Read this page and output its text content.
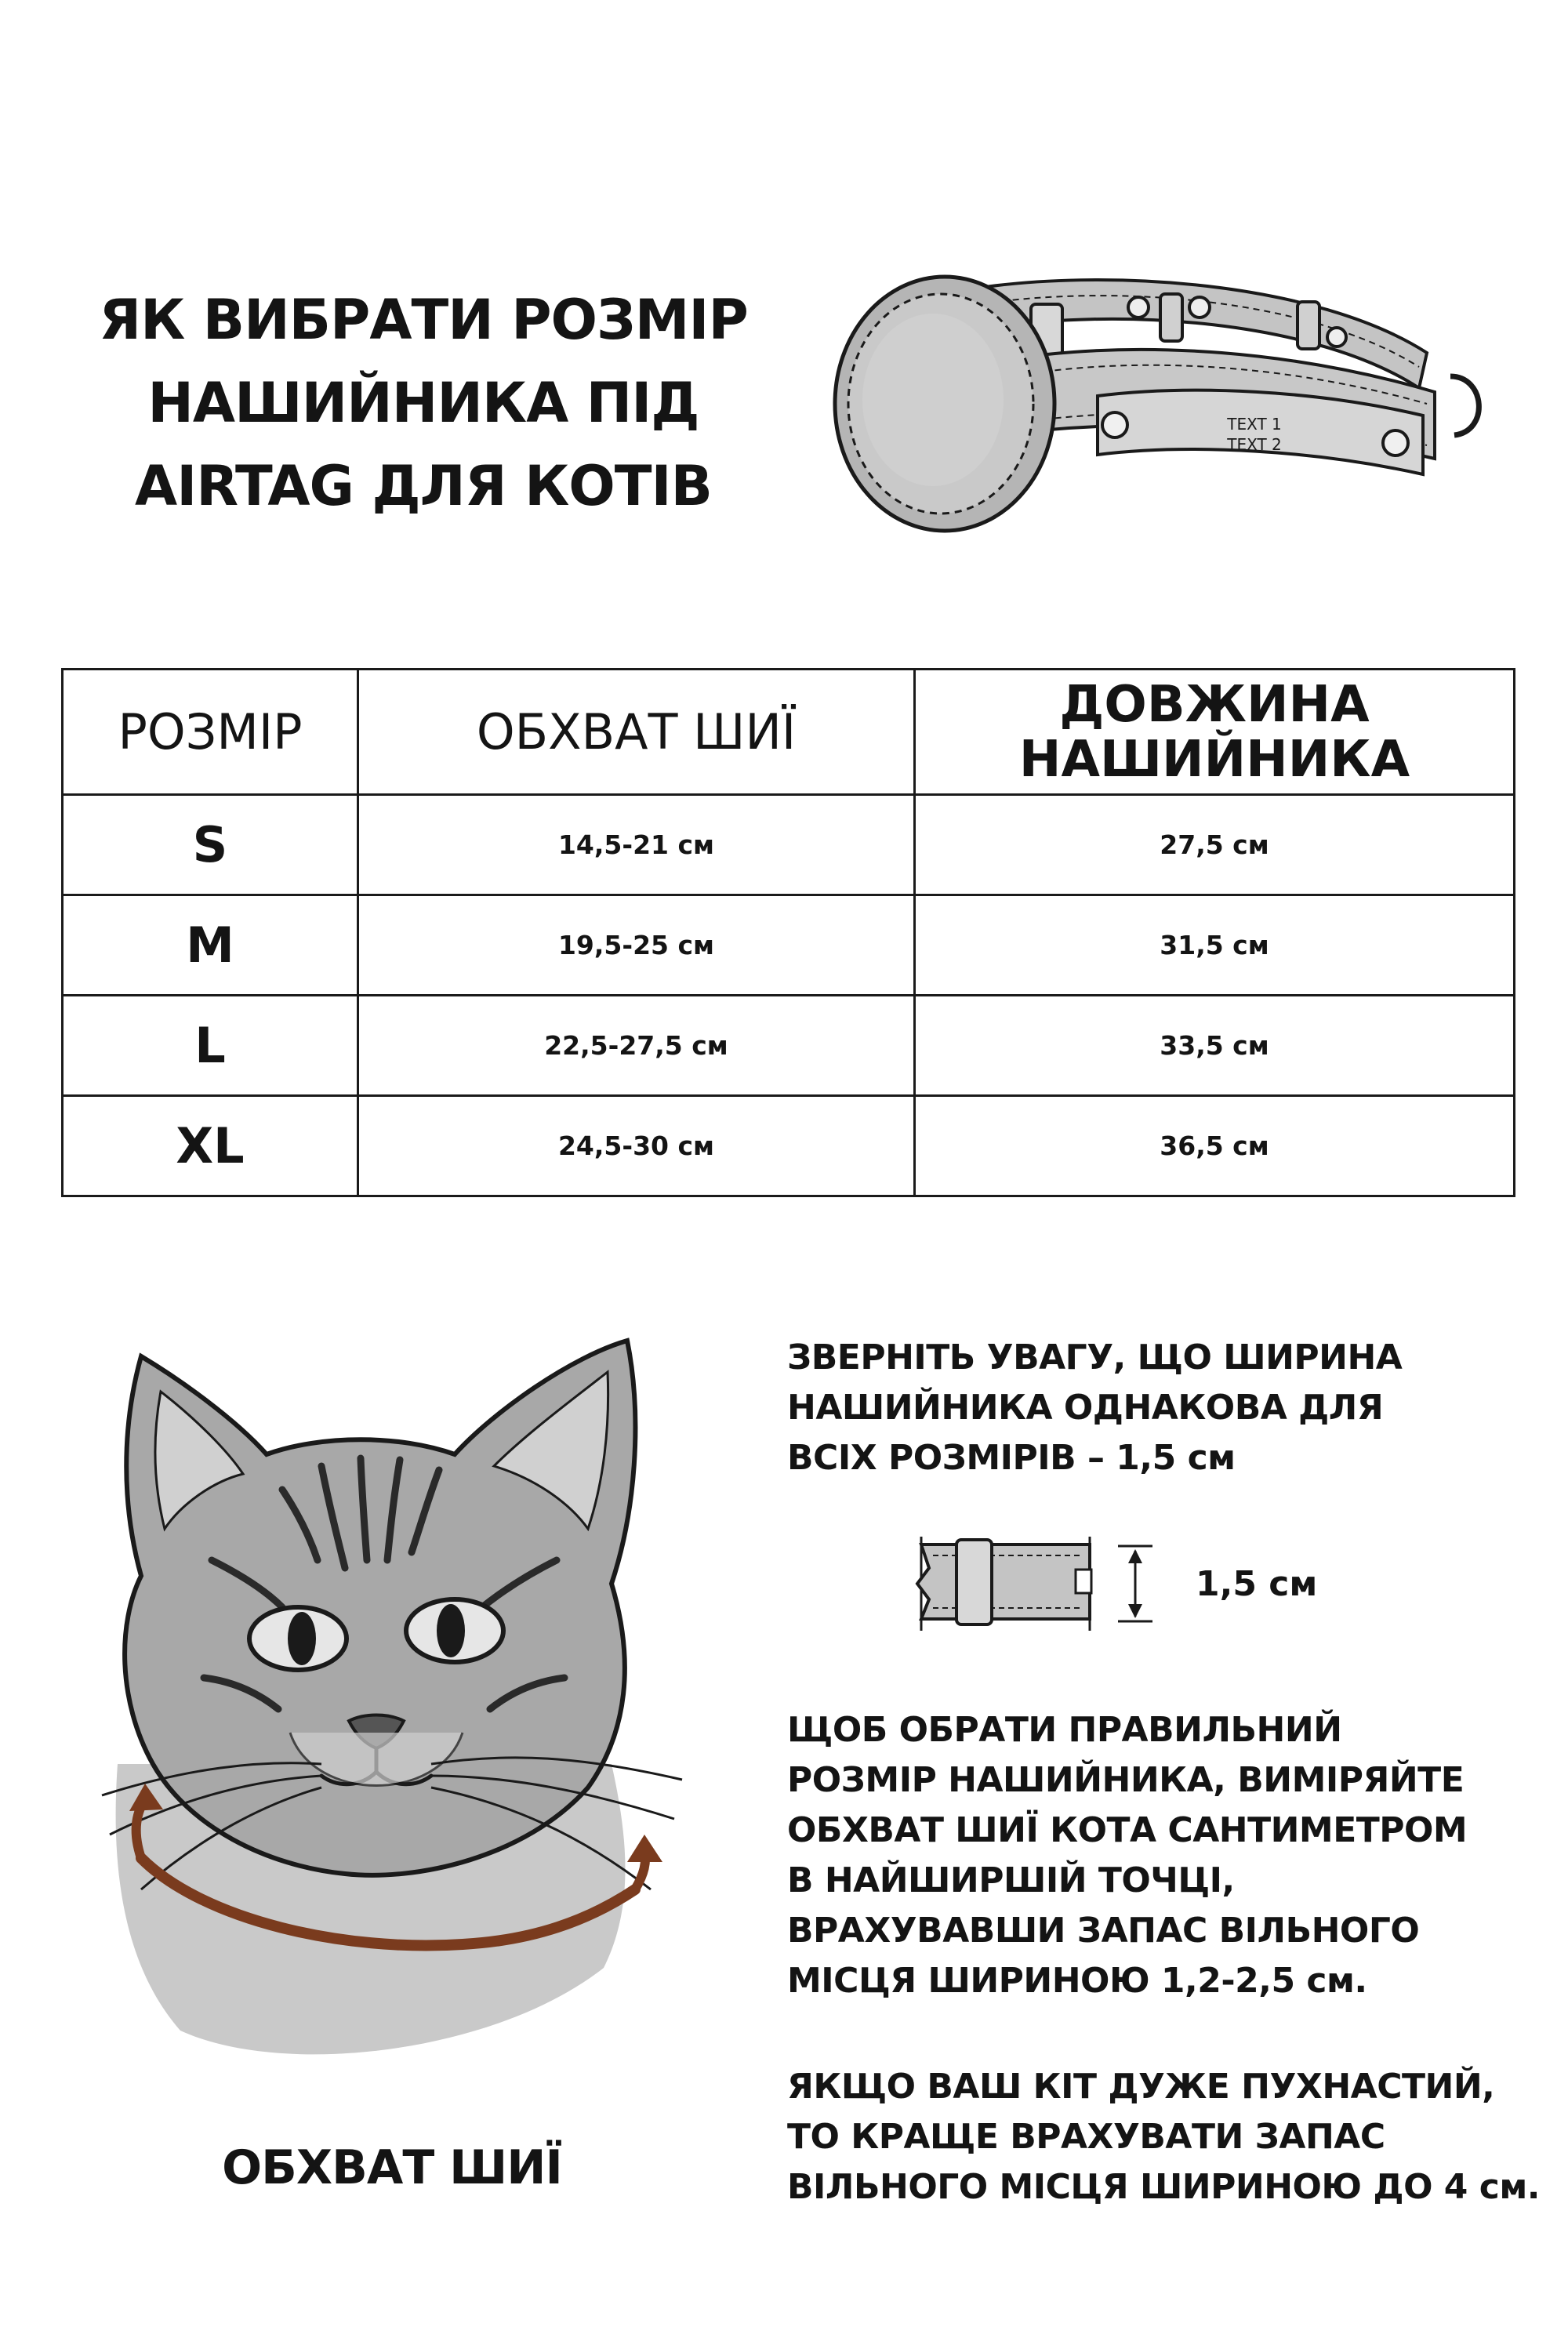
ЯК ВИБРАТИ РОЗМІР
НАШИЙНИКА ПІД
AIRTAG ДЛЯ КОТІВ
TEXT 1
TEXT 2
РОЗМІР	ОБХВАТ ШИЇ	ДОВЖИНА
НАШИЙНИКА

S	14,5-21 см	27,5 см
M	19,5-25 см	31,5 см
L	22,5-27,5 см	33,5 см
XL	24,5-30 см	36,5 см

ОБХВАТ ШИЇ

ЗВЕРНІТЬ УВАГУ, ЩО ШИРИНА
НАШИЙНИКА ОДНАКОВА ДЛЯ
ВСІХ РОЗМІРІВ – 1,5 см

1,5 см

ЩОБ ОБРАТИ ПРАВИЛЬНИЙ
РОЗМІР НАШИЙНИКА, ВИМІРЯЙТЕ
ОБХВАТ ШИЇ КОТА САНТИМЕТРОМ
В НАЙШИРШІЙ ТОЧЦІ,
ВРАХУВАВШИ ЗАПАС ВІЛЬНОГО
МІСЦЯ ШИРИНОЮ 1,2-2,5 см.
ЯКЩО ВАШ КІТ ДУЖЕ ПУХНАСТИЙ,
ТО КРАЩЕ ВРАХУВАТИ ЗАПАС
ВІЛЬНОГО МІСЦЯ ШИРИНОЮ ДО 4 см.
